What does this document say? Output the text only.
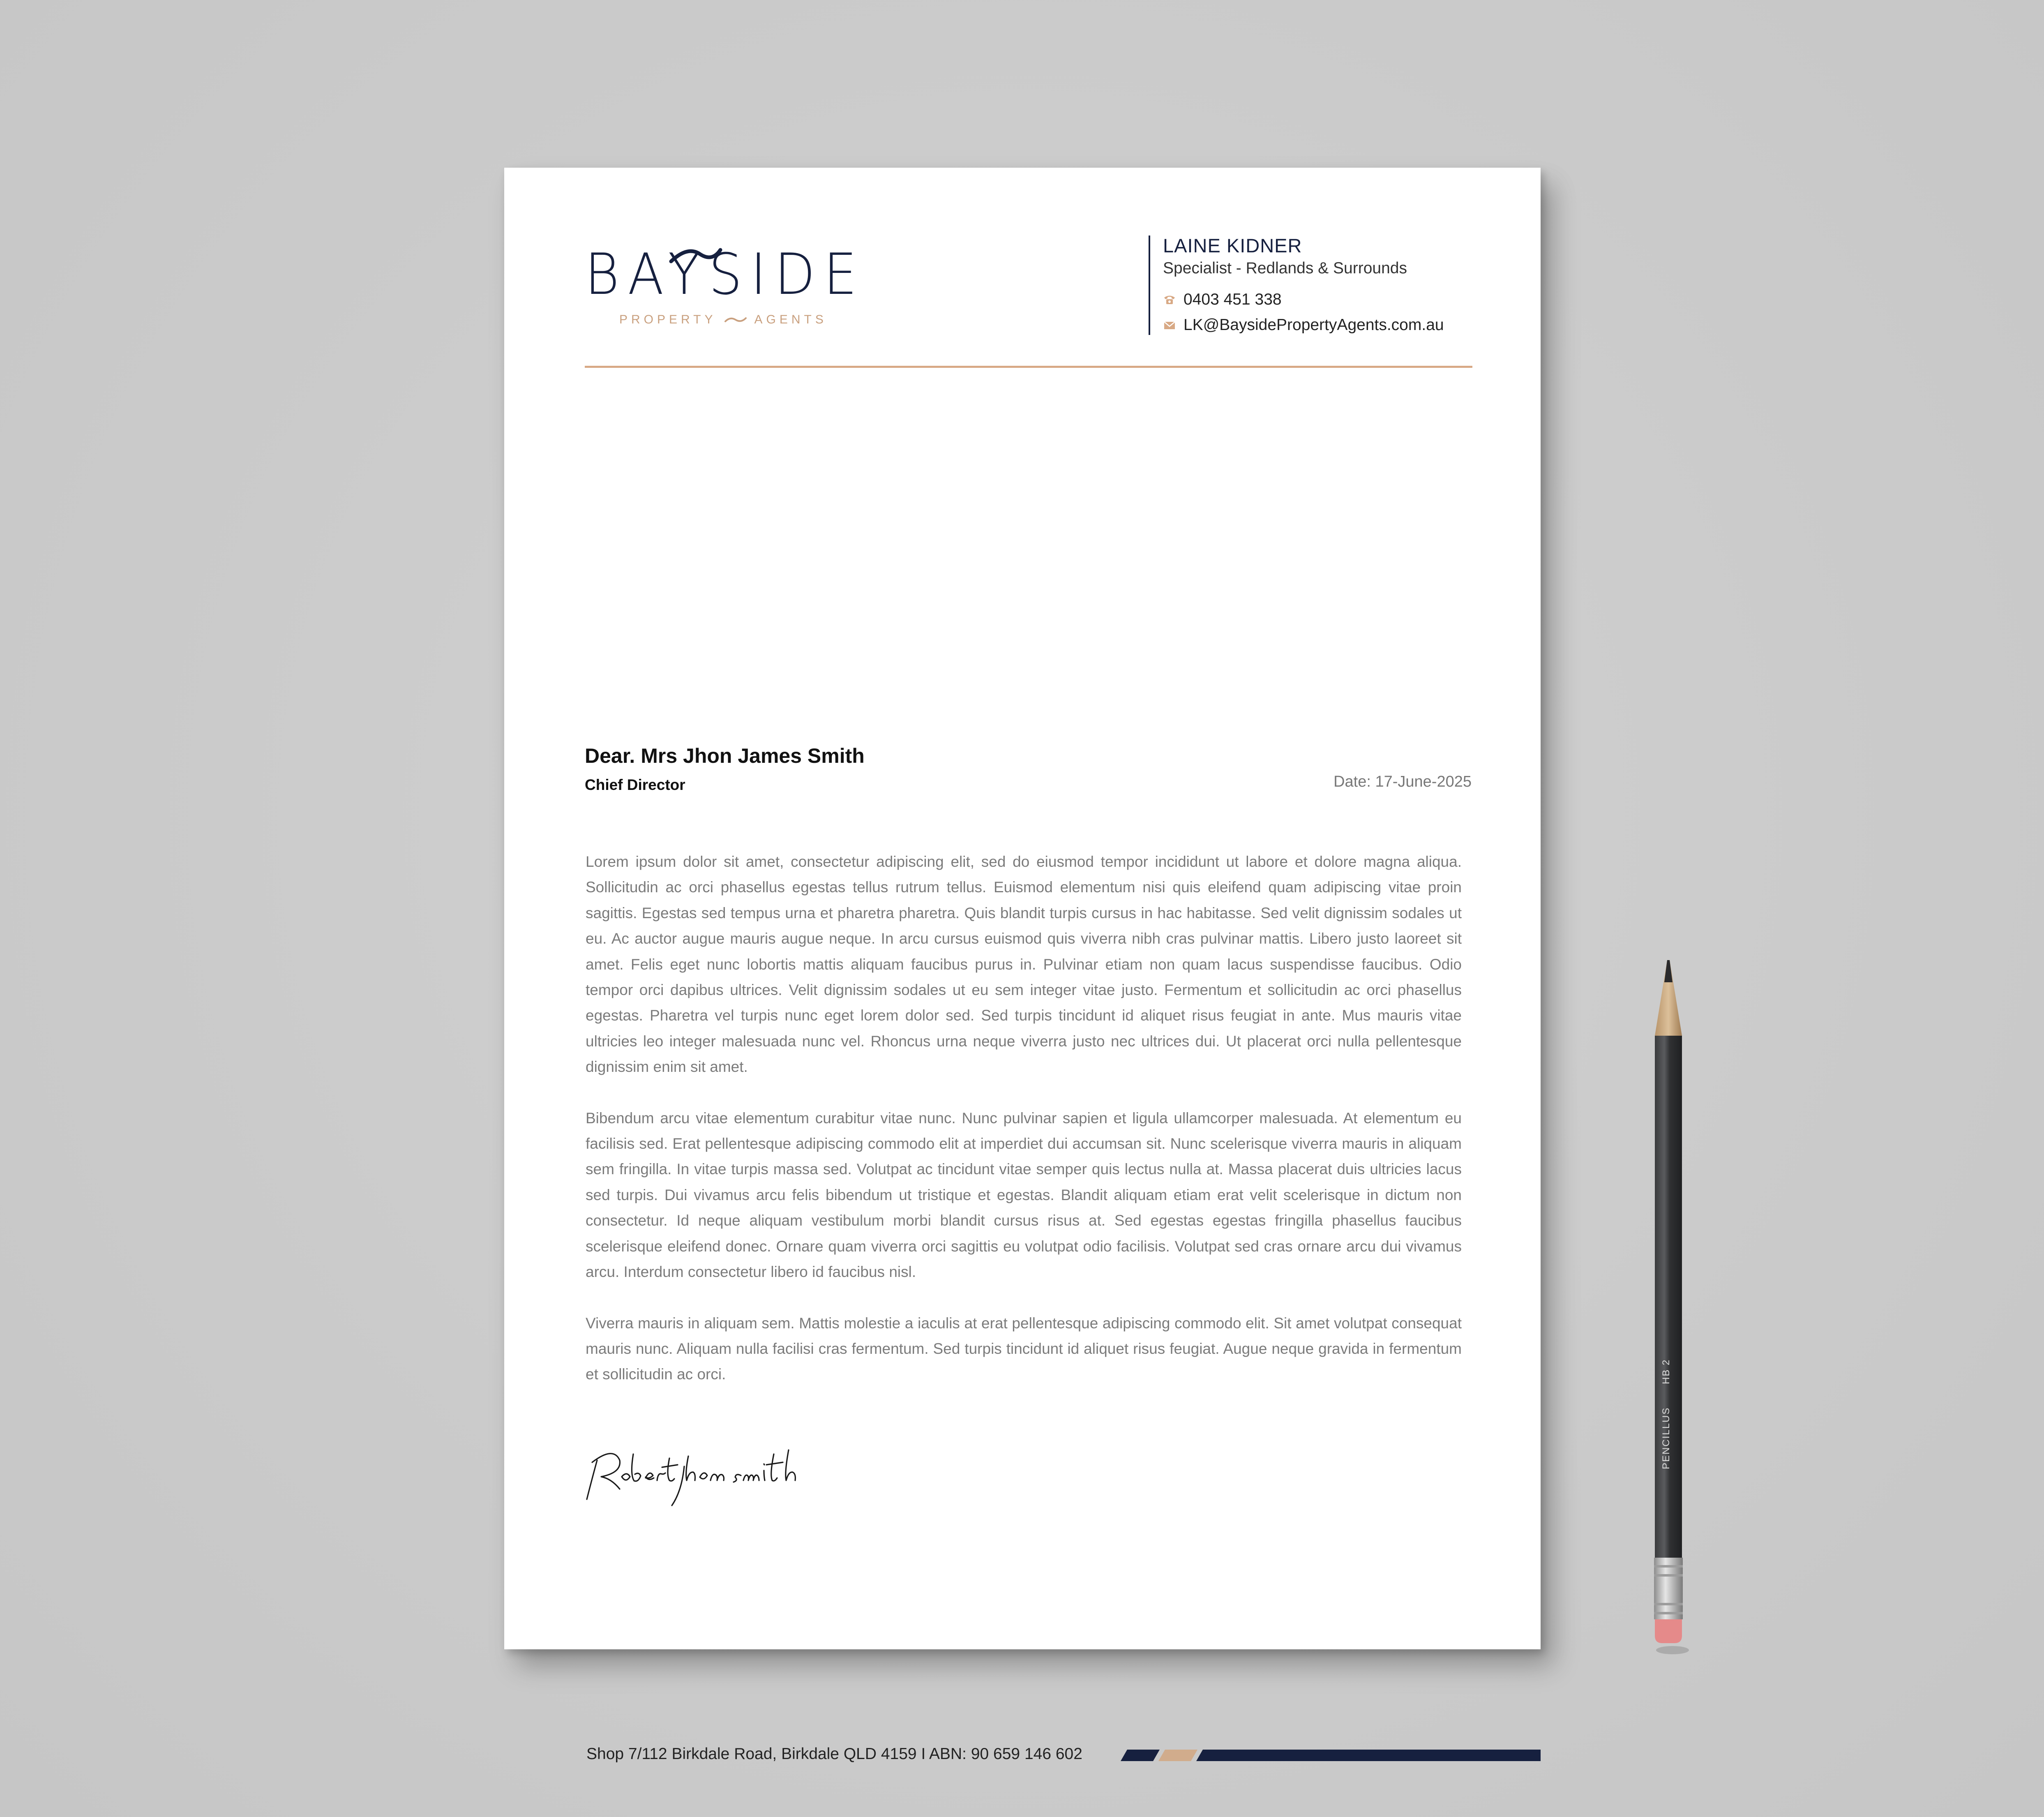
BAYSIDE
PROPERTY	AGENTS
LAINE KIDNER
Specialist - Redlands & Surrounds
0403 451 338
LK@BaysidePropertyAgents.com.au
Dear. Mrs Jhon James Smith
Chief Director	Date: 17-June-2025

Lorem ipsum dolor sit amet, consectetur adipiscing elit, sed do eiusmod tempor incididunt ut labore et dolore magna aliqua. Sollicitudin ac orci phasellus egestas tellus rutrum tellus. Euismod elementum nisi quis eleifend quam adipiscing vitae proin sagittis. Egestas sed tempus urna et pharetra pharetra. Quis blandit turpis cursus in hac habitasse. Sed velit dignissim sodales ut eu. Ac auctor augue mauris augue neque. In arcu cursus euismod quis viverra nibh cras pulvinar mattis. Libero justo laoreet sit amet. Felis eget nunc lobortis mattis aliquam faucibus purus in. Pulvinar etiam non quam lacus suspendisse faucibus. Odio tempor orci dapibus ultrices. Velit dignissim sodales ut eu sem integer vitae justo. Fermentum et sollicitudin ac orci phasellus egestas. Pharetra vel turpis nunc eget lorem dolor sed. Sed turpis tincidunt id aliquet risus feugiat in ante. Mus mauris vitae ultricies leo integer malesuada nunc vel. Rhoncus urna neque viverra justo nec ultrices dui. Ut placerat orci nulla pellentesque dignissim enim sit amet.

Bibendum arcu vitae elementum curabitur vitae nunc. Nunc pulvinar sapien et ligula ullamcorper malesuada. At elementum eu facilisis sed. Erat pellentesque adipiscing commodo elit at imperdiet dui accumsan sit. Nunc scelerisque viverra mauris in aliquam sem fringilla. In vitae turpis massa sed. Volutpat ac tincidunt vitae semper quis lectus nulla at. Massa placerat duis ultricies lacus sed turpis. Dui vivamus arcu felis bibendum ut tristique et egestas. Blandit aliquam etiam erat velit scelerisque in dictum non consectetur. Id neque aliquam vestibulum morbi blandit cursus risus at. Sed egestas egestas fringilla phasellus faucibus scelerisque eleifend donec. Ornare quam viverra orci sagittis eu volutpat odio facilisis. Volutpat sed cras ornare arcu dui vivamus arcu. Interdum consectetur libero id faucibus nisl.

Viverra mauris in aliquam sem. Mattis molestie a iaculis at erat pellentesque adipiscing commodo elit. Sit amet volutpat consequat mauris nunc. Aliquam nulla facilisi cras fermentum. Sed turpis tincidunt id aliquet risus feugiat. Augue neque gravida in fermentum et sollicitudin ac orci.

Shop 7/112 Birkdale Road, Birkdale QLD 4159 I ABN: 90 659 146 602
PENCILLUS
HB 2
